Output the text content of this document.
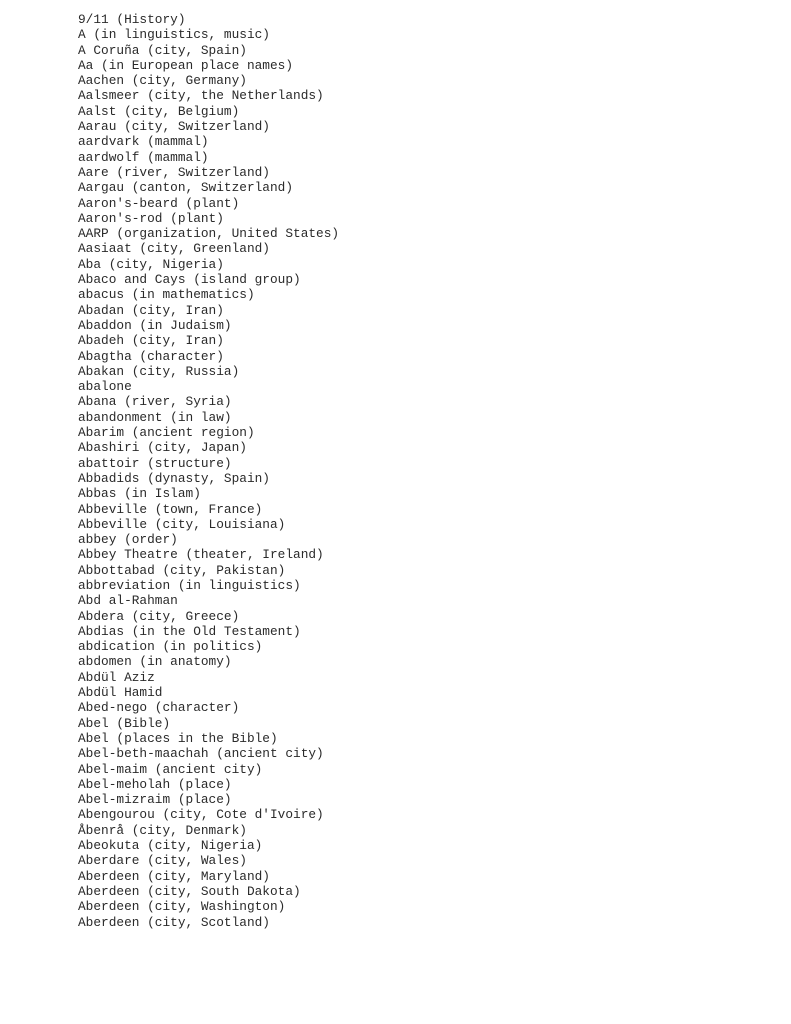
9/11 (History)
A (in linguistics, music)
A Coruña (city, Spain)
Aa (in European place names)
Aachen (city, Germany)
Aalsmeer (city, the Netherlands)
Aalst (city, Belgium)
Aarau (city, Switzerland)
aardvark (mammal)
aardwolf (mammal)
Aare (river, Switzerland)
Aargau (canton, Switzerland)
Aaron's-beard (plant)
Aaron's-rod (plant)
AARP (organization, United States)
Aasiaat (city, Greenland)
Aba (city, Nigeria)
Abaco and Cays (island group)
abacus (in mathematics)
Abadan (city, Iran)
Abaddon (in Judaism)
Abadeh (city, Iran)
Abagtha (character)
Abakan (city, Russia)
abalone
Abana (river, Syria)
abandonment (in law)
Abarim (ancient region)
Abashiri (city, Japan)
abattoir (structure)
Abbadids (dynasty, Spain)
Abbas (in Islam)
Abbeville (town, France)
Abbeville (city, Louisiana)
abbey (order)
Abbey Theatre (theater, Ireland)
Abbottabad (city, Pakistan)
abbreviation (in linguistics)
Abd al-Rahman
Abdera (city, Greece)
Abdias (in the Old Testament)
abdication (in politics)
abdomen (in anatomy)
Abdül Aziz
Abdül Hamid
Abed-nego (character)
Abel (Bible)
Abel (places in the Bible)
Abel-beth-maachah (ancient city)
Abel-maim (ancient city)
Abel-meholah (place)
Abel-mizraim (place)
Abengourou (city, Cote d'Ivoire)
Åbenrå (city, Denmark)
Abeokuta (city, Nigeria)
Aberdare (city, Wales)
Aberdeen (city, Maryland)
Aberdeen (city, South Dakota)
Aberdeen (city, Washington)
Aberdeen (city, Scotland)
